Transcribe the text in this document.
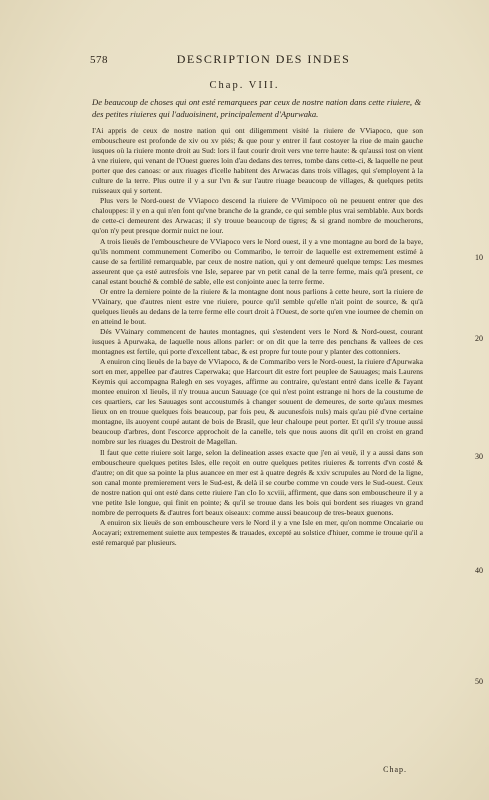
578	DESCRIPTION DES INDES
Chap. VIII.
De beaucoup de choses qui ont esté remarquees par ceux de nostre nation dans cette riuiere, & des petites riuieres qui l'aduoisinent, principalement d'Apurwaka.

I'Ai appris de ceux de nostre nation qui ont diligemment visité la riuiere de VViapoco, que son embouscheure est profonde de xiv ou xv piés; & que pour y entrer il faut costoyer la riue de main gauche iusques où la riuiere monte droit au Sud: lors il faut courir droit vers vne terre haute: & qu'aussi tost on vient à vne riuiere, qui venant de l'Ouest gueres loin d'au dedans des terres, tombe dans cette-ci, & laquelle ne peut porter que des canoas: or aux riuages d'icelle habitent des Arwacas dans trois villages, qui s'employent à la culture de la terre. Plus outre il y a sur l'vn & sur l'autre riuage beaucoup de villages, & quelques petits ruisseaux qui y sortent.

Plus vers le Nord-ouest de VViapoco descend la riuiere de VVimipoco où ne peuuent entrer que des chalouppes: il y en a qui n'en font qu'vne branche de la grande, ce qui semble plus vrai semblable. Aux bords de cette-ci demeurent des Arwacas; il s'y trouue beaucoup de tigres; & si grand nombre de moucherons, qu'on n'y peut presque dormir nuict ne iour.

A trois lieuës de l'embouscheure de VViapoco vers le Nord ouest, il y a vne montagne au bord de la baye, qu'ils nomment communement Comeribo ou Commaribo, le terroir de laquelle est extremement estimé à cause de sa fertilité remarquable, par ceux de nostre nation, qui y ont demeuré quelque temps: Les mesmes asseurent que ça esté autresfois vne Isle, separee par vn petit canal de la terre ferme, mais qu'à present, ce canal estant bouché & comblé de sable, elle est conjointe auec la terre ferme.

Or entre la derniere pointe de la riuiere & la montagne dont nous parlions à cette heure, sort la riuiere de VVainary, que d'autres nient estre vne riuiere, pource qu'il semble qu'elle n'ait point de source, & qu'à quelques lieuës au dedans de la terre ferme elle court droit à l'Ouest, de sorte qu'en vne iournee de chemin on en atteind le bout.

Dés VVainary commencent de hautes montagnes, qui s'estendent vers le Nord & Nord-ouest, courant iusques à Apurwaka, de laquelle nous allons parler: or on dit que la terre des penchans & vallees de ces montagnes est fertile, qui porte d'excellent tabac, & est propre fur toute pour y planter des cottonniers.

A enuiron cinq lieuës de la baye de VViapoco, & de Commaribo vers le Nord-ouest, la riuiere d'Apurwaka sort en mer, appellee par d'autres Caperwaka; que Harcourt dit estre fort peuplee de Sauuages; mais Laurens Keymis qui accompagna Ralegh en ses voyages, affirme au contraire, qu'estant entré dans icelle & l'ayant montee enuiron xl lieuës, il n'y trouua aucun Sauuage (ce qui n'est point estrange ni hors de la coustume de ces quartiers, car les Sauuages sont accoustumés à changer souuent de demeures, de sorte qu'aux mesmes lieux on en trouue quelques fois beaucoup, par fois peu, & aucunesfois nuls) mais qu'au pié d'vne certaine montagne, ils auoyent coupé autant de bois de Brasil, que leur chaloupe peut porter. Et qu'il s'y trouue aussi beaucoup d'arbres, dont l'escorce approchoit de la canelle, tels que nous auons dit qu'il en croist en grand nombre sur les riuages du Destroit de Magellan.

Il faut que cette riuiere soit large, selon la delineation asses exacte que j'en ai veuë, il y a aussi dans son embouscheure quelques petites Isles, elle reçoit en outre quelques petites riuieres & torrents d'vn costé & d'autre; on dit que sa pointe la plus auancee en mer est à quatre degrés & xxiv scrupules au Nord de la ligne, son canal monte premierement vers le Sud-est, & delà il se courbe comme vn coude vers le Sud-ouest. Ceux de nostre nation qui ont esté dans cette riuiere l'an cIo Io xcviii, affirment, que dans son embouscheure il y a vne petite Isle longue, qui finit en pointe; & qu'il se trouue dans les bois qui bordent ses riuages vn grand nombre de perroquets & d'autres fort beaux oiseaux: comme aussi beaucoup de tres-beaux guenons.

A enuiron six lieuës de son embouscheure vers le Nord il y a vne Isle en mer, qu'on nomme Oncaiarie ou Aocayari; extremement suiette aux tempestes & trauades, excepté au solstice d'hiuer, comme ie trouue qu'il a esté remarqué par plusieurs.

10
20
30
40
50
Chap.
